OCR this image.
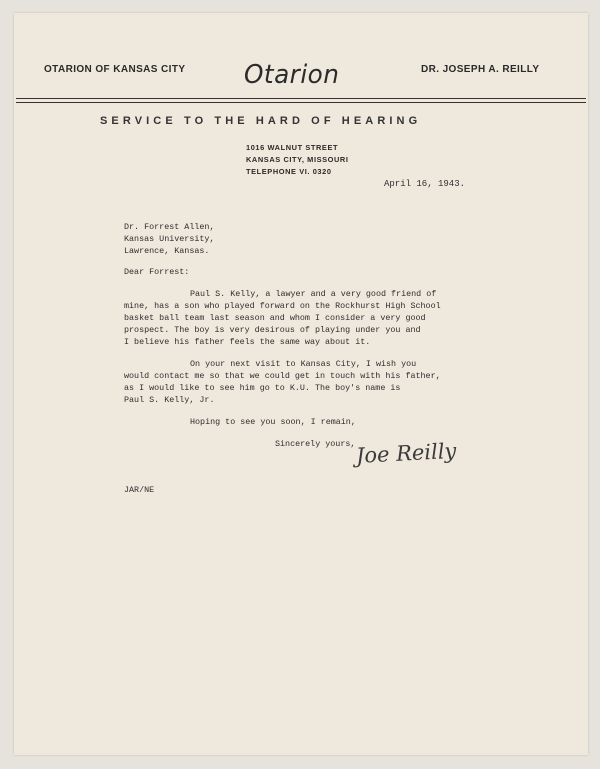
OTARION OF KANSAS CITY Otarion	DR. JOSEPH A. REILLY
SERVICE TO THE HARD OF HEARING
1016 WALNUT STREET
KANSAS CITY, MISSOURI
TELEPHONE VI. 0320
April 16, 1943.
Dr. Forrest Allen,
Kansas University,
Lawrence, Kansas.
Dear Forrest:
Paul S. Kelly, a lawyer and a very good friend of
mine, has a son who played forward on the Rockhurst High School
basket ball team last season and whom I consider a very good
prospect. The boy is very desirous of playing under you and
I believe his father feels the same way about it.
On your next visit to Kansas City, I wish you
would contact me so that we could get in touch with his father,
as I would like to see him go to K.U. The boy's name is
Paul S. Kelly, Jr.
Hoping to see you soon, I remain,
Sincerely yours, Joe Reilly
JAR/NE
